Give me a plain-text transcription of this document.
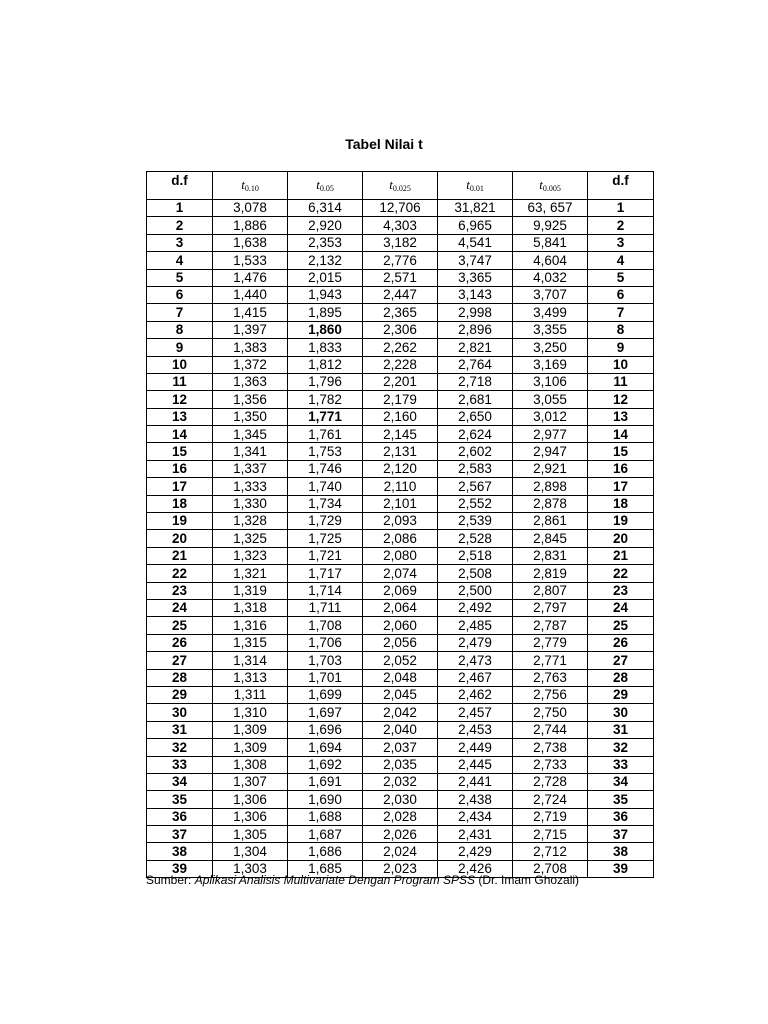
Tabel Nilai t
d.f	t0.10	t0.05	t0.025	t0.01	t0.005	d.f
1	3,078	6,314	12,706	31,821	63, 657	1
2	1,886	2,920	4,303	6,965	9,925	2
3	1,638	2,353	3,182	4,541	5,841	3
4	1,533	2,132	2,776	3,747	4,604	4
5	1,476	2,015	2,571	3,365	4,032	5
6	1,440	1,943	2,447	3,143	3,707	6
7	1,415	1,895	2,365	2,998	3,499	7
8	1,397	1,860	2,306	2,896	3,355	8
9	1,383	1,833	2,262	2,821	3,250	9
10	1,372	1,812	2,228	2,764	3,169	10
11	1,363	1,796	2,201	2,718	3,106	11
12	1,356	1,782	2,179	2,681	3,055	12
13	1,350	1,771	2,160	2,650	3,012	13
14	1,345	1,761	2,145	2,624	2,977	14
15	1,341	1,753	2,131	2,602	2,947	15
16	1,337	1,746	2,120	2,583	2,921	16
17	1,333	1,740	2,110	2,567	2,898	17
18	1,330	1,734	2,101	2,552	2,878	18
19	1,328	1,729	2,093	2,539	2,861	19
20	1,325	1,725	2,086	2,528	2,845	20
21	1,323	1,721	2,080	2,518	2,831	21
22	1,321	1,717	2,074	2,508	2,819	22
23	1,319	1,714	2,069	2,500	2,807	23
24	1,318	1,711	2,064	2,492	2,797	24
25	1,316	1,708	2,060	2,485	2,787	25
26	1,315	1,706	2,056	2,479	2,779	26
27	1,314	1,703	2,052	2,473	2,771	27
28	1,313	1,701	2,048	2,467	2,763	28
29	1,311	1,699	2,045	2,462	2,756	29
30	1,310	1,697	2,042	2,457	2,750	30
31	1,309	1,696	2,040	2,453	2,744	31
32	1,309	1,694	2,037	2,449	2,738	32
33	1,308	1,692	2,035	2,445	2,733	33
34	1,307	1,691	2,032	2,441	2,728	34
35	1,306	1,690	2,030	2,438	2,724	35
36	1,306	1,688	2,028	2,434	2,719	36
37	1,305	1,687	2,026	2,431	2,715	37
38	1,304	1,686	2,024	2,429	2,712	38
39	1,303	1,685	2,023	2,426	2,708	39
Sumber: Aplikasi Analisis Multivariate Dengan Program SPSS (Dr. Imam Ghozali)
